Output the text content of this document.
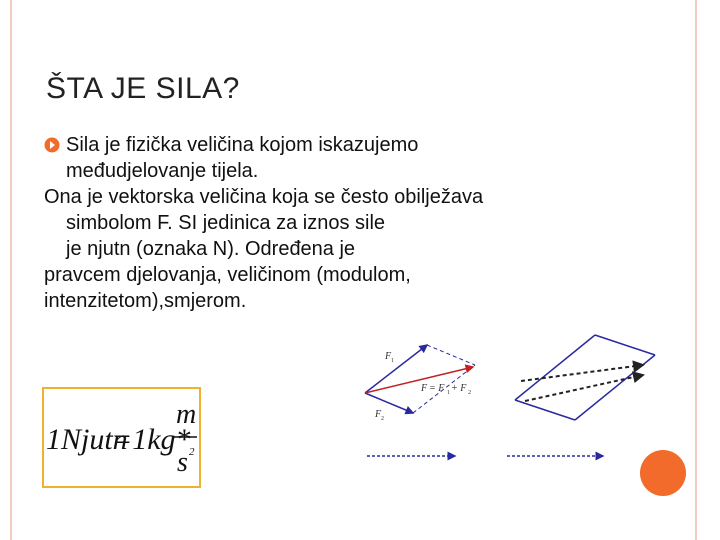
ŠTA JE SILA?
Sila je fizička veličina kojom iskazujemo
međudjelovanje tijela.
Ona je vektorska veličina koja se često obilježava
simbolom F. SI jedinica za iznos sile
je njutn (oznaka N). Određena je
pravcem djelovanja, veličinom (modulom,
intenzitetom),smjerom.
1Njutn
=1kg*
m
s 2
F 1
F 2
F = F 1 + F 2
